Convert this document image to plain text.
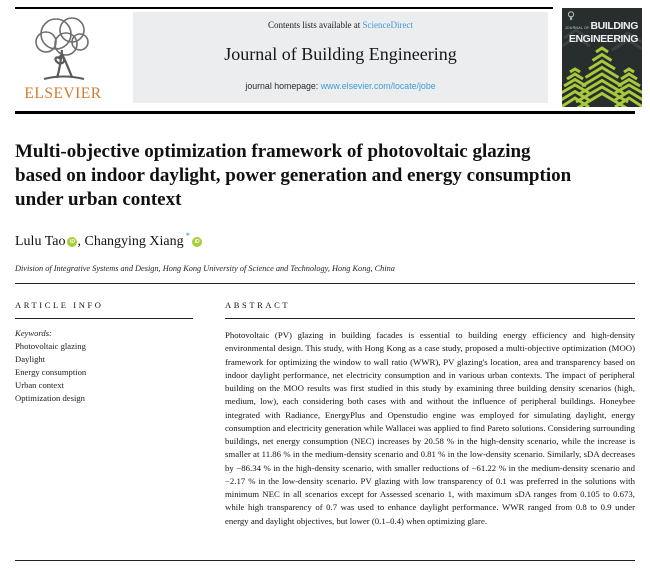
ELSEVIER
Contents lists available at ScienceDirect
Journal of Building Engineering
journal homepage: www.elsevier.com/locate/jobe
JOURNAL OFBUILDING
ENGINEERING
Multi-objective optimization framework of photovoltaic glazing based on indoor daylight, power generation and energy consumption under urban context
Lulu Tao iD , Changying Xiang *iD
Division of Integrative Systems and Design, Hong Kong University of Science and Technology, Hong Kong, China
ARTICLE INFO	ABSTRACT
Keywords:
Photovoltaic glazing
Daylight
Energy consumption
Urban context
Optimization design
Photovoltaic (PV) glazing in building facades is essential to building energy efficiency and high-density environmental design. This study, with Hong Kong as a case study, proposed a multi-objective optimization (MOO) framework for optimizing the window to wall ratio (WWR), PV glazing's location, area and transparency based on indoor daylight performance, net electricity consumption and in various urban contexts. The impact of peripheral building on the MOO results was first studied in this study by examining three building density scenarios (high, medium, low), each considering both cases with and without the influence of peripheral buildings. Honeybee integrated with Radiance, EnergyPlus and Openstudio engine was employed for simulating daylight, energy consumption and electricity generation while Wallacei was applied to find Pareto solutions. Considering surrounding buildings, net energy consumption (NEC) increases by 20.58 % in the high-density scenario, while the increase is smaller at 11.86 % in the medium-density scenario and 0.81 % in the low-density scenario. Similarly, sDA decreases by −86.34 % in the high-density scenario, with smaller reductions of −61.22 % in the medium-density scenario and −2.17 % in the low-density scenario. PV glazing with low transparency of 0.1 was preferred in the solutions with minimum NEC in all scenarios except for Assessed scenario 1, with maximum sDA ranges from 0.105 to 0.673, while high transparency of 0.7 was used to enhance daylight performance. WWR ranged from 0.8 to 0.9 under energy and daylight objectives, but lower (0.1–0.4) when optimizing glare.
